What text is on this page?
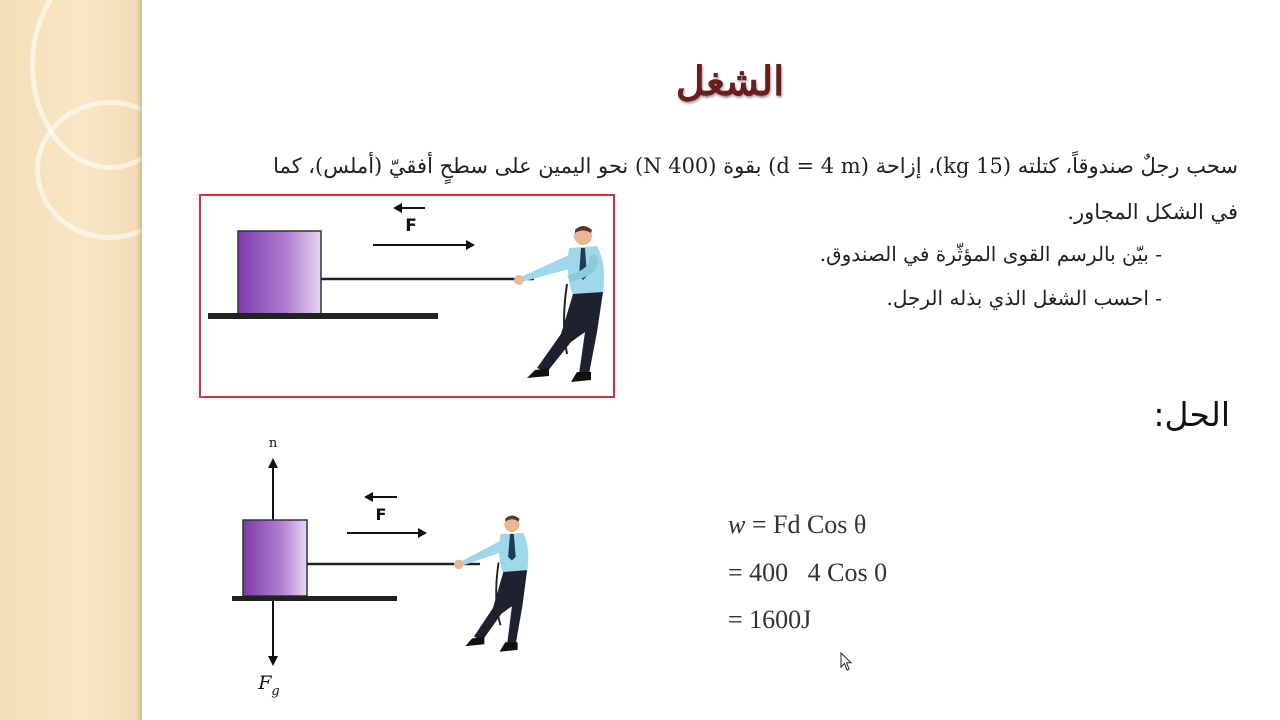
الشغل
سحب رجلٌ صندوقاً، كتلته (15 kg)، إزاحة (d = 4 m) بقوة (400 N) نحو اليمين على سطحٍ أفقيّ (أملس)، كما
في الشكل المجاور.
- بيّن بالرسم القوى المؤثّرة في الصندوق.
- احسب الشغل الذي بذله الرجل.
F
n
$F_g$
F
الحل:
w = Fd Cos θ
= 400   4 Cos 0
= 1600J
